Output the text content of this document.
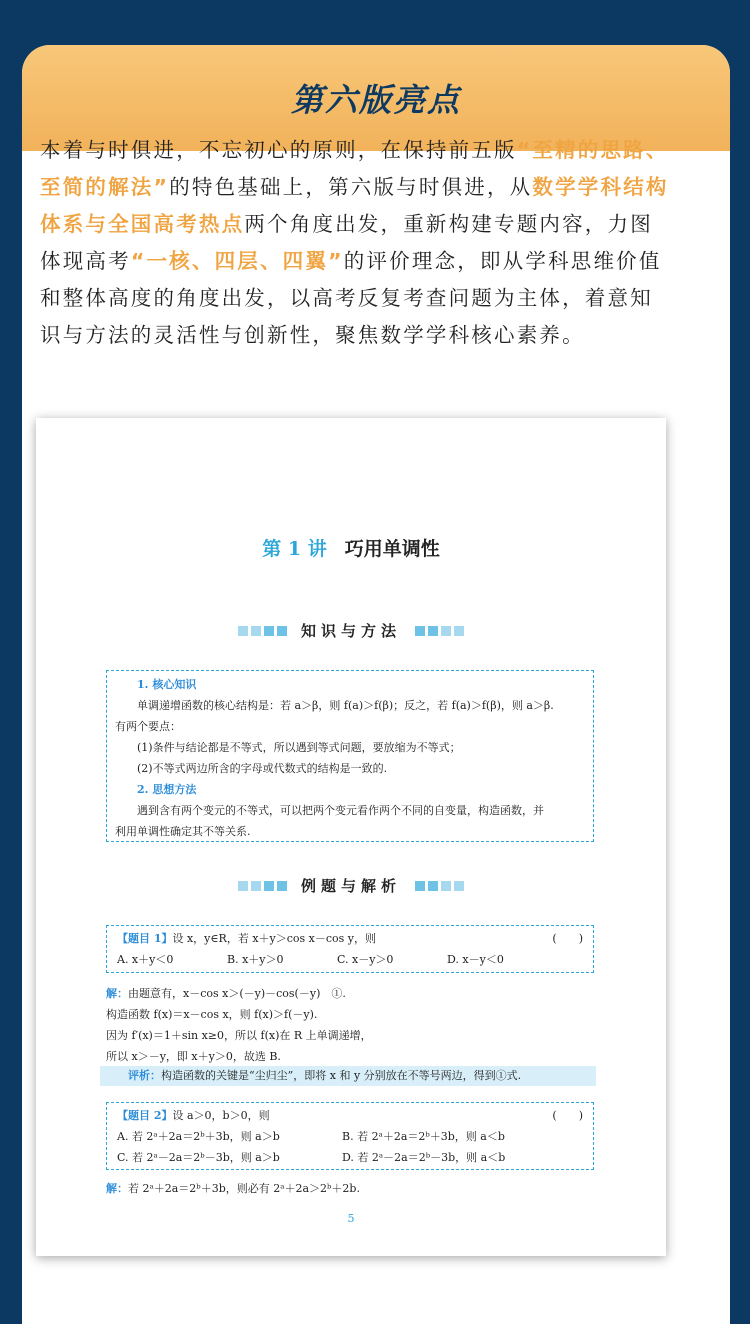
第六版亮点
本着与时俱进，不忘初心的原则，在保持前五版“至精的思路、至简的解法”的特色基础上，第六版与时俱进，从数学学科结构体系与全国高考热点两个角度出发，重新构建专题内容，力图体现高考“一核、四层、四翼”的评价理念，即从学科思维价值和整体高度的角度出发，以高考反复考查问题为主体，着意知识与方法的灵活性与创新性，聚焦数学学科核心素养。
第 1 讲 巧用单调性
知识与方法
1. 核心知识
单调递增函数的核心结构是：若 a＞β，则 f(a)＞f(β)；反之，若 f(a)＞f(β)，则 a＞β.
有两个要点：
(1)条件与结论都是不等式，所以遇到等式问题，要放缩为不等式；
(2)不等式两边所含的字母或代数式的结构是一致的.
2. 思想方法
遇到含有两个变元的不等式，可以把两个变元看作两个不同的自变量，构造函数，并
利用单调性确定其不等关系.
例题与解析
【题目 1】设 x，y∈R，若 x＋y＞cos x－cos y，则	(　　)
A. x＋y＜0	B. x＋y＞0	C. x－y＞0	D. x－y＜0
解：由题意有，x－cos x＞(－y)－cos(－y)　①.
构造函数 f(x)＝x－cos x，则 f(x)＞f(－y).
因为 f′(x)＝1＋sin x≥0，所以 f(x)在 R 上单调递增，
所以 x＞－y，即 x＋y＞0，故选 B.
评析：构造函数的关键是“尘归尘”，即将 x 和 y 分别放在不等号两边，得到①式.
【题目 2】设 a＞0，b＞0，则	(　　)
A. 若 2ᵃ＋2a＝2ᵇ＋3b，则 a＞b	B. 若 2ᵃ＋2a＝2ᵇ＋3b，则 a＜b
C. 若 2ᵃ－2a＝2ᵇ－3b，则 a＞b	D. 若 2ᵃ－2a＝2ᵇ－3b，则 a＜b
解：若 2ᵃ＋2a＝2ᵇ＋3b，则必有 2ᵃ＋2a＞2ᵇ＋2b.
5
